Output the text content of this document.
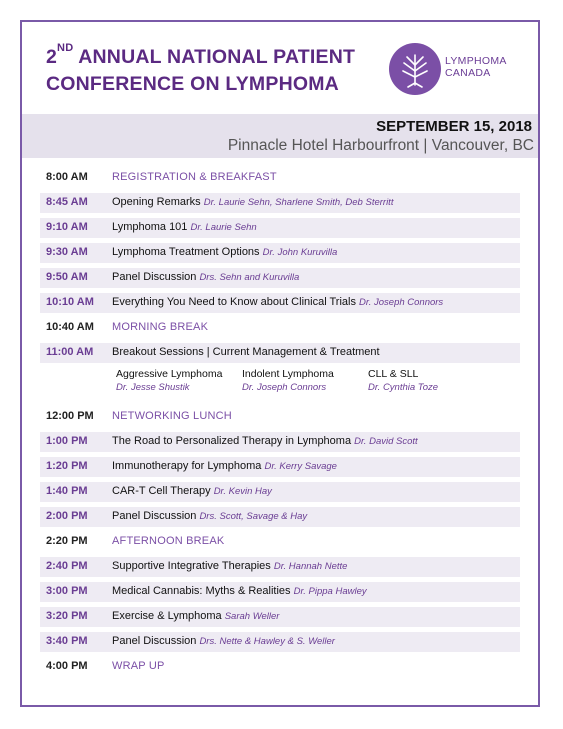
2ND ANNUAL NATIONAL PATIENT
CONFERENCE ON LYMPHOMA
LYMPHOMA
CANADA
SEPTEMBER 15, 2018
Pinnacle Hotel Harbourfront | Vancouver, BC
8:00 AM REGISTRATION & BREAKFAST
8:45 AM Opening Remarks Dr. Laurie Sehn, Sharlene Smith, Deb Sterritt
9:10 AM Lymphoma 101 Dr. Laurie Sehn
9:30 AM Lymphoma Treatment Options Dr. John Kuruvilla
9:50 AM Panel Discussion Drs. Sehn and Kuruvilla
10:10 AM Everything You Need to Know about Clinical Trials Dr. Joseph Connors
10:40 AM MORNING BREAK
11:00 AM Breakout Sessions | Current Management & Treatment
12:00 PM NETWORKING LUNCH
1:00 PM The Road to Personalized Therapy in Lymphoma Dr. David Scott
1:20 PM Immunotherapy for Lymphoma Dr. Kerry Savage
1:40 PM CAR-T Cell Therapy Dr. Kevin Hay
2:00 PM Panel Discussion Drs. Scott, Savage & Hay
2:20 PM AFTERNOON BREAK
2:40 PM Supportive Integrative Therapies Dr. Hannah Nette
3:00 PM Medical Cannabis: Myths & Realities Dr. Pippa Hawley
3:20 PM Exercise & Lymphoma Sarah Weller
3:40 PM Panel Discussion Drs. Nette & Hawley & S. Weller
4:00 PM WRAP UP
Aggressive Lymphoma
Dr. Jesse Shustik
Indolent Lymphoma
Dr. Joseph Connors
CLL & SLL
Dr. Cynthia Toze
